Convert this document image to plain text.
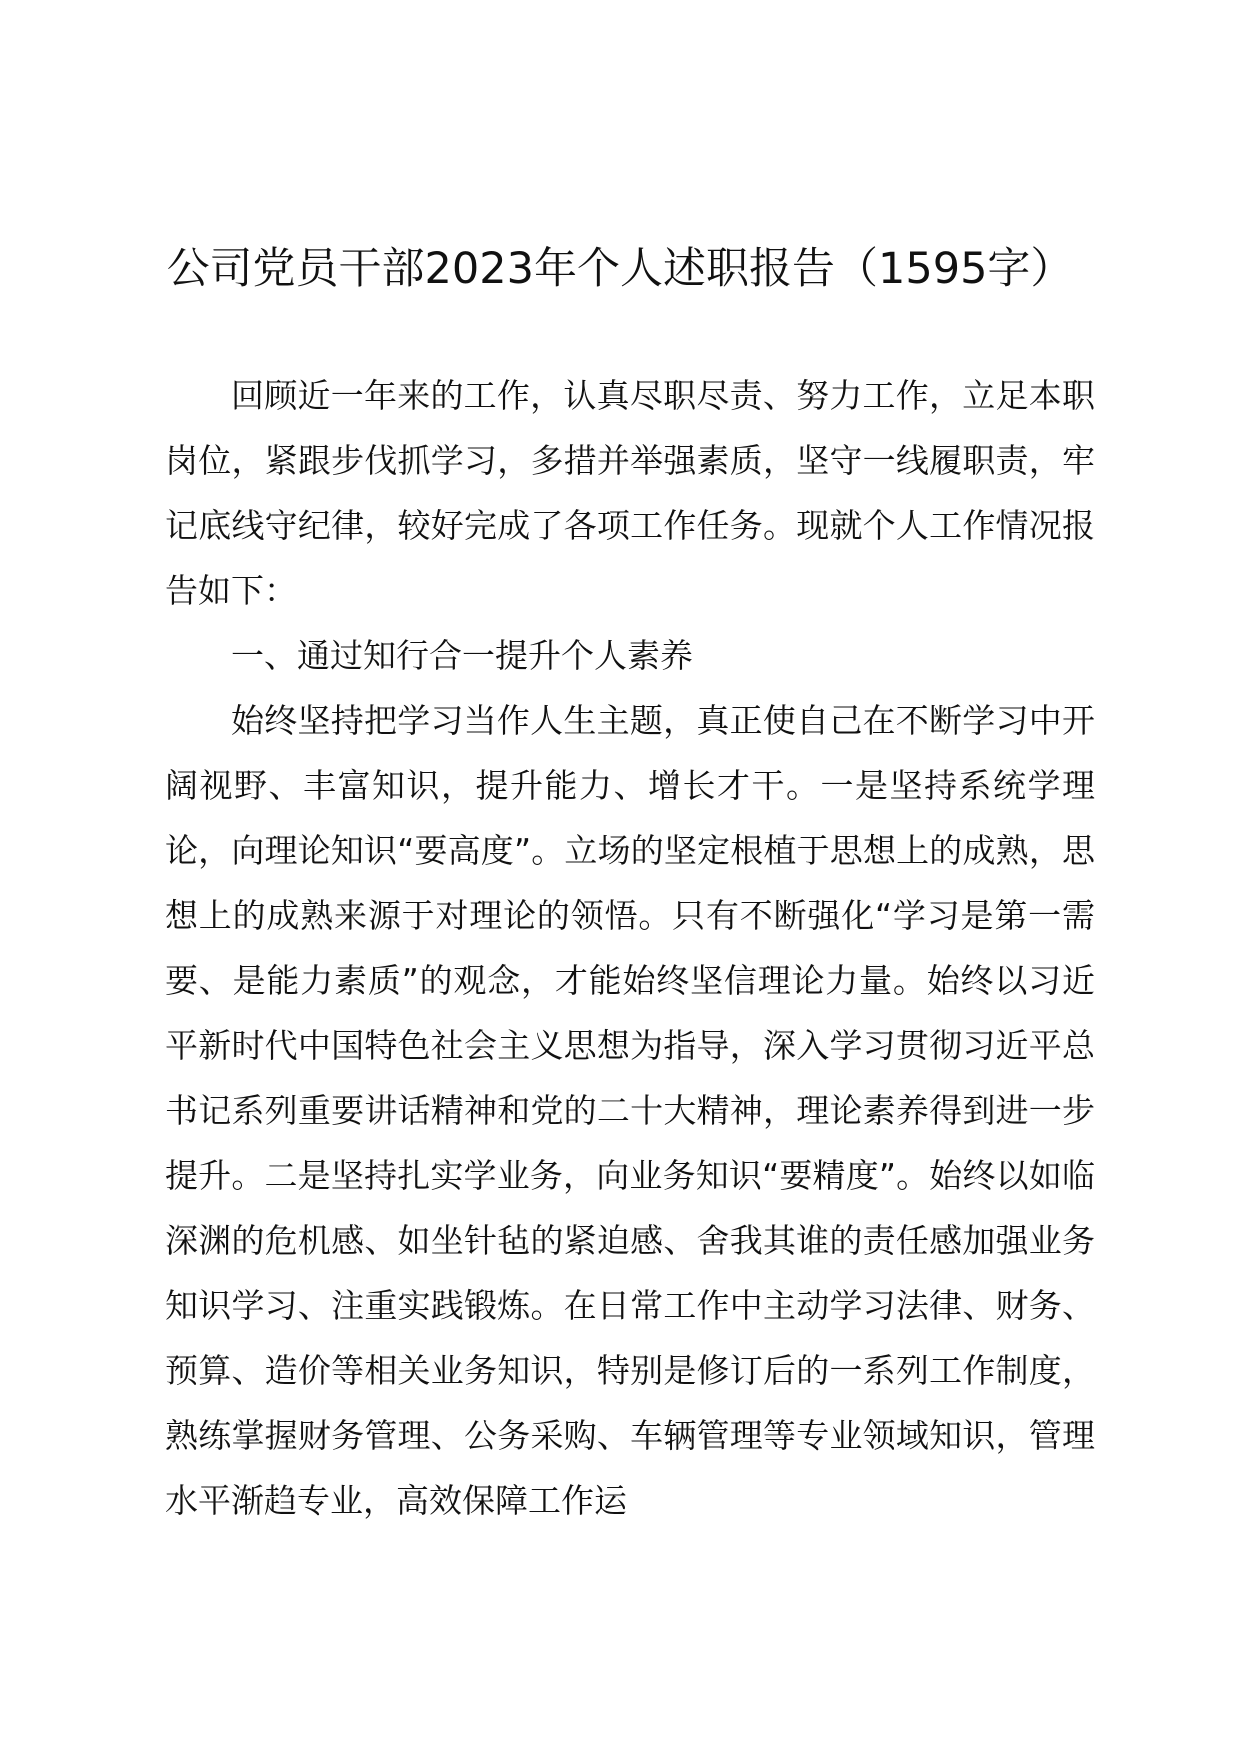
公司党员干部2023年个人述职报告（1595字）

回顾近一年来的工作，认真尽职尽责、努力工作，立足本职岗位，紧跟步伐抓学习，多措并举强素质，坚守一线履职责，牢记底线守纪律，较好完成了各项工作任务。现就个人工作情况报告如下：

一、通过知行合一提升个人素养

始终坚持把学习当作人生主题，真正使自己在不断学习中开阔视野、丰富知识，提升能力、增长才干。一是坚持系统学理论，向理论知识“要高度”。立场的坚定根植于思想上的成熟，思想上的成熟来源于对理论的领悟。只有不断强化“学习是第一需要、是能力素质”的观念，才能始终坚信理论力量。始终以习近平新时代中国特色社会主义思想为指导，深入学习贯彻习近平总书记系列重要讲话精神和党的二十大精神，理论素养得到进一步提升。二是坚持扎实学业务，向业务知识“要精度”。始终以如临深渊的危机感、如坐针毡的紧迫感、舍我其谁的责任感加强业务知识学习、注重实践锻炼。在日常工作中主动学习法律、财务、预算、造价等相关业务知识，特别是修订后的一系列工作制度，熟练掌握财务管理、公务采购、车辆管理等专业领域知识，管理水平渐趋专业，高效保障工作运
